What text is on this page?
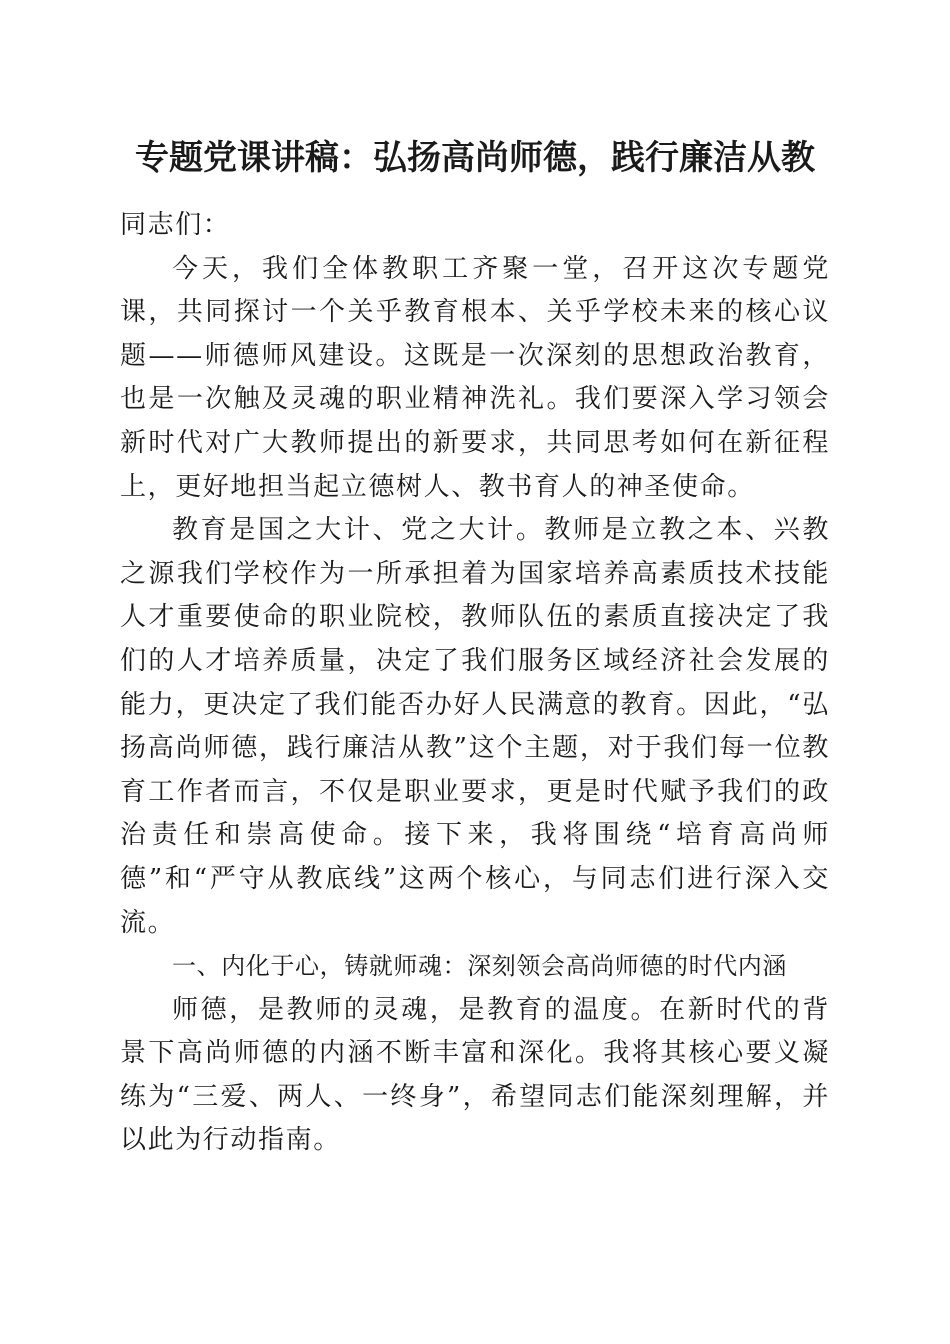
专题党课讲稿：弘扬高尚师德，践行廉洁从教

同志们：

今天，我们全体教职工齐聚一堂，召开这次专题党课，共同探讨一个关乎教育根本、关乎学校未来的核心议题——师德师风建设。这既是一次深刻的思想政治教育，也是一次触及灵魂的职业精神洗礼。我们要深入学习领会新时代对广大教师提出的新要求，共同思考如何在新征程上，更好地担当起立德树人、教书育人的神圣使命。

教育是国之大计、党之大计。教师是立教之本、兴教之源我们学校作为一所承担着为国家培养高素质技术技能人才重要使命的职业院校，教师队伍的素质直接决定了我们的人才培养质量，决定了我们服务区域经济社会发展的能力，更决定了我们能否办好人民满意的教育。因此，“弘扬高尚师德，践行廉洁从教”这个主题，对于我们每一位教育工作者而言，不仅是职业要求，更是时代赋予我们的政治责任和崇高使命。接下来，我将围绕“培育高尚师德”和“严守从教底线”这两个核心，与同志们进行深入交流。

一、内化于心，铸就师魂：深刻领会高尚师德的时代内涵

师德，是教师的灵魂，是教育的温度。在新时代的背景下高尚师德的内涵不断丰富和深化。我将其核心要义凝练为“三爱、两人、一终身”，希望同志们能深刻理解，并以此为行动指南。
